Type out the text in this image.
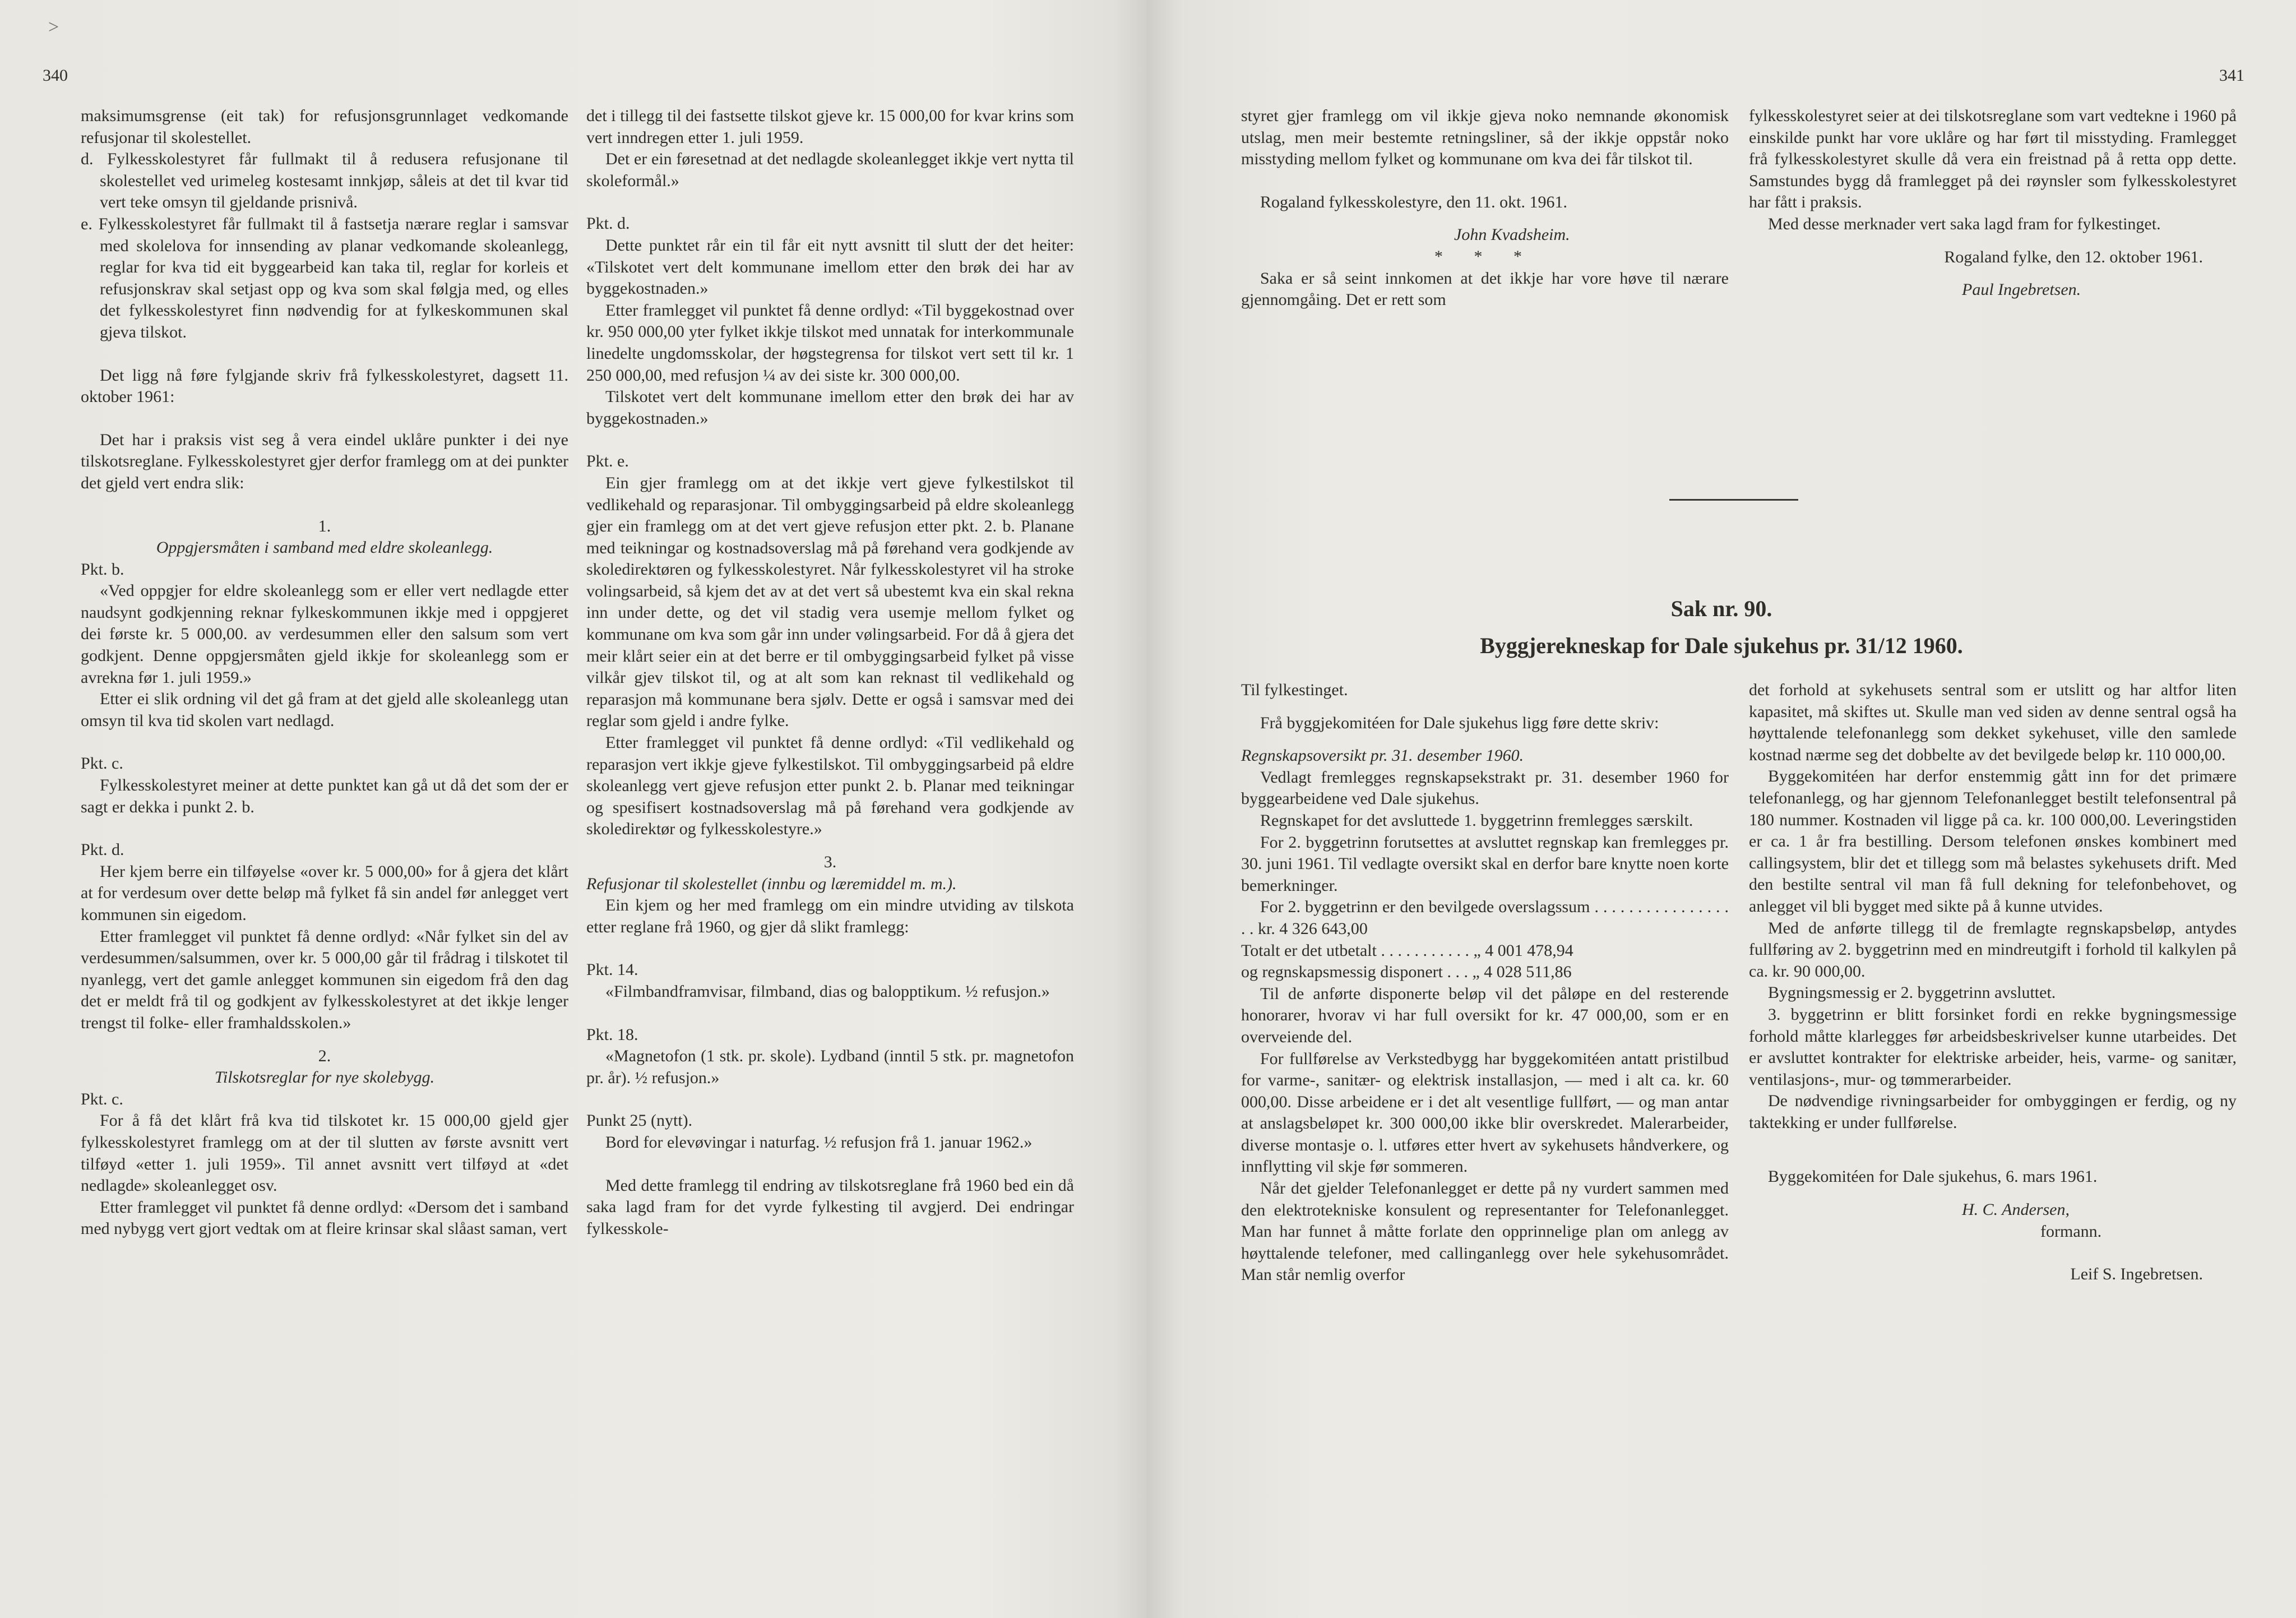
>
340

maksimumsgrense (eit tak) for refusjonsgrunnlaget vedkomande refusjonar til skolestellet.

d. Fylkesskolestyret får fullmakt til å redusera refusjonane til skolestellet ved urimeleg kostesamt innkjøp, såleis at det til kvar tid vert teke omsyn til gjeldande prisnivå.

e. Fylkesskolestyret får fullmakt til å fastsetja nærare reglar i samsvar med skolelova for innsending av planar vedkomande skoleanlegg, reglar for kva tid eit byggearbeid kan taka til, reglar for korleis et refusjonskrav skal setjast opp og kva som skal følgja med, og elles det fylkesskolestyret finn nødvendig for at fylkeskommunen skal gjeva tilskot.

Det ligg nå føre fylgjande skriv frå fylkesskolestyret, dagsett 11. oktober 1961:

Det har i praksis vist seg å vera eindel uklåre punkter i dei nye tilskotsreglane. Fylkesskolestyret gjer derfor framlegg om at dei punkter det gjeld vert endra slik:

1.

Oppgjersmåten i samband med eldre skoleanlegg.

Pkt. b.

«Ved oppgjer for eldre skoleanlegg som er eller vert nedlagde etter naudsynt godkjenning reknar fylkeskommunen ikkje med i oppgjeret dei første kr. 5 000,00. av verdesummen eller den salsum som vert godkjent. Denne oppgjersmåten gjeld ikkje for skoleanlegg som er avrekna før 1. juli 1959.»

Etter ei slik ordning vil det gå fram at det gjeld alle skoleanlegg utan omsyn til kva tid skolen vart nedlagd.

Pkt. c.

Fylkesskolestyret meiner at dette punktet kan gå ut då det som der er sagt er dekka i punkt 2. b.

Pkt. d.

Her kjem berre ein tilføyelse «over kr. 5 000,00» for å gjera det klårt at for verdesum over dette beløp må fylket få sin andel før anlegget vert kommunen sin eigedom.

Etter framlegget vil punktet få denne ordlyd: «Når fylket sin del av verdesummen/salsummen, over kr. 5 000,00 går til frådrag i tilskotet til nyanlegg, vert det gamle anlegget kommunen sin eigedom frå den dag det er meldt frå til og godkjent av fylkesskolestyret at det ikkje lenger trengst til folke- eller framhaldsskolen.»

2.

Tilskotsreglar for nye skolebygg.

Pkt. c.

For å få det klårt frå kva tid tilskotet kr. 15 000,00 gjeld gjer fylkesskolestyret framlegg om at der til slutten av første avsnitt vert tilføyd «etter 1. juli 1959». Til annet avsnitt vert tilføyd at «det nedlagde» skoleanlegget osv.

Etter framlegget vil punktet få denne ordlyd: «Dersom det i samband med nybygg vert gjort vedtak om at fleire krinsar skal slåast saman, vert

det i tillegg til dei fastsette tilskot gjeve kr. 15 000,00 for kvar krins som vert inndregen etter 1. juli 1959.

Det er ein føresetnad at det nedlagde skoleanlegget ikkje vert nytta til skoleformål.»

Pkt. d.

Dette punktet rår ein til får eit nytt avsnitt til slutt der det heiter: «Tilskotet vert delt kommunane imellom etter den brøk dei har av byggekostnaden.»

Etter framlegget vil punktet få denne ordlyd: «Til byggekostnad over kr. 950 000,00 yter fylket ikkje tilskot med unnatak for interkommunale linedelte ungdomsskolar, der høgstegrensa for tilskot vert sett til kr. 1 250 000,00, med refusjon ¼ av dei siste kr. 300 000,00.

Tilskotet vert delt kommunane imellom etter den brøk dei har av byggekostnaden.»

Pkt. e.

Ein gjer framlegg om at det ikkje vert gjeve fylkestilskot til vedlikehald og reparasjonar. Til ombyggingsarbeid på eldre skoleanlegg gjer ein framlegg om at det vert gjeve refusjon etter pkt. 2. b. Planane med teikningar og kostnadsoverslag må på førehand vera godkjende av skoledirektøren og fylkesskolestyret. Når fylkesskolestyret vil ha stroke volingsarbeid, så kjem det av at det vert så ubestemt kva ein skal rekna inn under dette, og det vil stadig vera usemje mellom fylket og kommunane om kva som går inn under vølingsarbeid. For då å gjera det meir klårt seier ein at det berre er til ombyggingsarbeid fylket på visse vilkår gjev tilskot til, og at alt som kan reknast til vedlikehald og reparasjon må kommunane bera sjølv. Dette er også i samsvar med dei reglar som gjeld i andre fylke.

Etter framlegget vil punktet få denne ordlyd: «Til vedlikehald og reparasjon vert ikkje gjeve fylkestilskot. Til ombyggingsarbeid på eldre skoleanlegg vert gjeve refusjon etter punkt 2. b. Planar med teikningar og spesifisert kostnadsoverslag må på førehand vera godkjende av skoledirektør og fylkesskolestyre.»

3.

Refusjonar til skolestellet (innbu og læremiddel m. m.).

Ein kjem og her med framlegg om ein mindre utviding av tilskota etter reglane frå 1960, og gjer då slikt framlegg:

Pkt. 14.

«Filmbandframvisar, filmband, dias og balopptikum. ½ refusjon.»

Pkt. 18.

«Magnetofon (1 stk. pr. skole). Lydband (inntil 5 stk. pr. magnetofon pr. år). ½ refusjon.»

Punkt 25 (nytt).

Bord for elevøvingar i naturfag. ½ refusjon frå 1. januar 1962.»

Med dette framlegg til endring av tilskotsreglane frå 1960 bed ein då saka lagd fram for det vyrde fylkesting til avgjerd. Dei endringar fylkesskole-

341

styret gjer framlegg om vil ikkje gjeva noko nemnande økonomisk utslag, men meir bestemte retningsliner, så der ikkje oppstår noko misstyding mellom fylket og kommunane om kva dei får tilskot til.

Rogaland fylkesskolestyre, den 11. okt. 1961.

John Kvadsheim.

* * *

Saka er så seint innkomen at det ikkje har vore høve til nærare gjennomgåing. Det er rett som

fylkesskolestyret seier at dei tilskotsreglane som vart vedtekne i 1960 på einskilde punkt har vore uklåre og har ført til misstyding. Framlegget frå fylkesskolestyret skulle då vera ein freistnad på å retta opp dette. Samstundes bygg då framlegget på dei røynsler som fylkesskolestyret har fått i praksis.

Med desse merknader vert saka lagd fram for fylkestinget.

Rogaland fylke, den 12. oktober 1961.

Paul Ingebretsen.

Sak nr. 90.
Byggjerekneskap for Dale sjukehus pr. 31/12 1960.

Til fylkestinget.

Frå byggjekomitéen for Dale sjukehus ligg føre dette skriv:

Regnskapsoversikt pr. 31. desember 1960.

Vedlagt fremlegges regnskapsekstrakt pr. 31. desember 1960 for byggearbeidene ved Dale sjukehus.

Regnskapet for det avsluttede 1. byggetrinn fremlegges særskilt.

For 2. byggetrinn forutsettes at avsluttet regnskap kan fremlegges pr. 30. juni 1961. Til vedlagte oversikt skal en derfor bare knytte noen korte bemerkninger.

For 2. byggetrinn er den bevilgede overslagssum . . . . . . . . . . . . . . . . . . kr. 4 326 643,00

Totalt er det utbetalt . . . . . . . . . . . „ 4 001 478,94

og regnskapsmessig disponert . . . „ 4 028 511,86

Til de anførte disponerte beløp vil det påløpe en del resterende honorarer, hvorav vi har full oversikt for kr. 47 000,00, som er en overveiende del.

For fullførelse av Verkstedbygg har byggekomitéen antatt pristilbud for varme-, sanitær- og elektrisk installasjon, — med i alt ca. kr. 60 000,00. Disse arbeidene er i det alt vesentlige fullført, — og man antar at anslagsbeløpet kr. 300 000,00 ikke blir overskredet. Malerarbeider, diverse montasje o. l. utføres etter hvert av sykehusets håndverkere, og innflytting vil skje før sommeren.

Når det gjelder Telefonanlegget er dette på ny vurdert sammen med den elektrotekniske konsulent og representanter for Telefonanlegget. Man har funnet å måtte forlate den opprinnelige plan om anlegg av høyttalende telefoner, med callinganlegg over hele sykehusområdet. Man står nemlig overfor

det forhold at sykehusets sentral som er utslitt og har altfor liten kapasitet, må skiftes ut. Skulle man ved siden av denne sentral også ha høyttalende telefonanlegg som dekket sykehuset, ville den samlede kostnad nærme seg det dobbelte av det bevilgede beløp kr. 110 000,00.

Byggekomitéen har derfor enstemmig gått inn for det primære telefonanlegg, og har gjennom Telefonanlegget bestilt telefonsentral på 180 nummer. Kostnaden vil ligge på ca. kr. 100 000,00. Leveringstiden er ca. 1 år fra bestilling. Dersom telefonen ønskes kombinert med callingsystem, blir det et tillegg som må belastes sykehusets drift. Med den bestilte sentral vil man få full dekning for telefonbehovet, og anlegget vil bli bygget med sikte på å kunne utvides.

Med de anførte tillegg til de fremlagte regnskapsbeløp, antydes fullføring av 2. byggetrinn med en mindreutgift i forhold til kalkylen på ca. kr. 90 000,00.

Bygningsmessig er 2. byggetrinn avsluttet.

3. byggetrinn er blitt forsinket fordi en rekke bygningsmessige forhold måtte klarlegges før arbeidsbeskrivelser kunne utarbeides. Det er avsluttet kontrakter for elektriske arbeider, heis, varme- og sanitær, ventilasjons-, mur- og tømmerarbeider.

De nødvendige rivningsarbeider for ombyggingen er ferdig, og ny taktekking er under fullførelse.

Byggekomitéen for Dale sjukehus, 6. mars 1961.

H. C. Andersen,

formann.

Leif S. Ingebretsen.
